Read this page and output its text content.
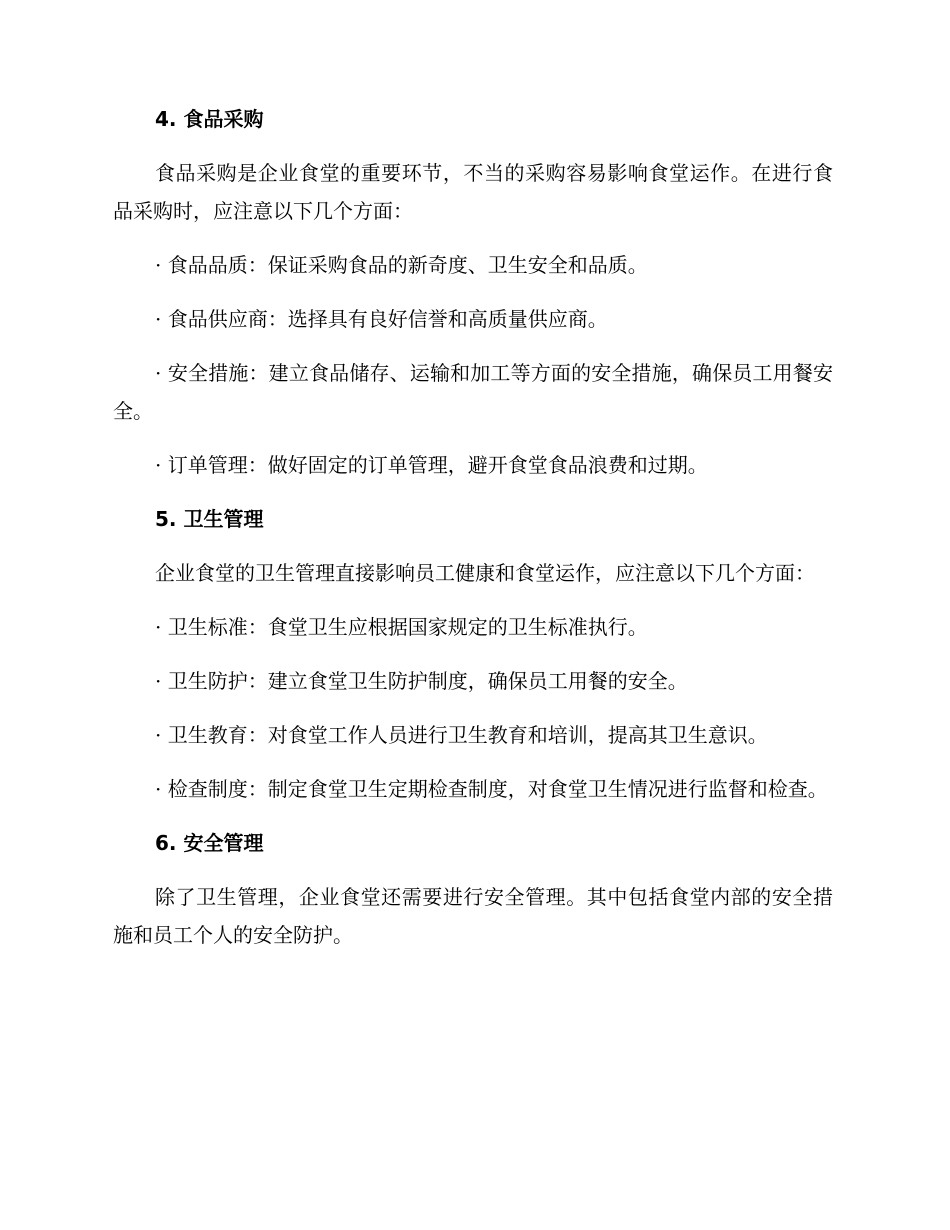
4. 食品采购

食品采购是企业食堂的重要环节，不当的采购容易影响食堂运作。在进行食品采购时，应注意以下几个方面：

· 食品品质：保证采购食品的新奇度、卫生安全和品质。

· 食品供应商：选择具有良好信誉和高质量供应商。

· 安全措施：建立食品储存、运输和加工等方面的安全措施，确保员工用餐安全。

· 订单管理：做好固定的订单管理，避开食堂食品浪费和过期。

5. 卫生管理

企业食堂的卫生管理直接影响员工健康和食堂运作，应注意以下几个方面：

· 卫生标准：食堂卫生应根据国家规定的卫生标准执行。

· 卫生防护：建立食堂卫生防护制度，确保员工用餐的安全。

· 卫生教育：对食堂工作人员进行卫生教育和培训，提高其卫生意识。

· 检查制度：制定食堂卫生定期检查制度，对食堂卫生情况进行监督和检查。

6. 安全管理

除了卫生管理，企业食堂还需要进行安全管理。其中包括食堂内部的安全措施和员工个人的安全防护。
